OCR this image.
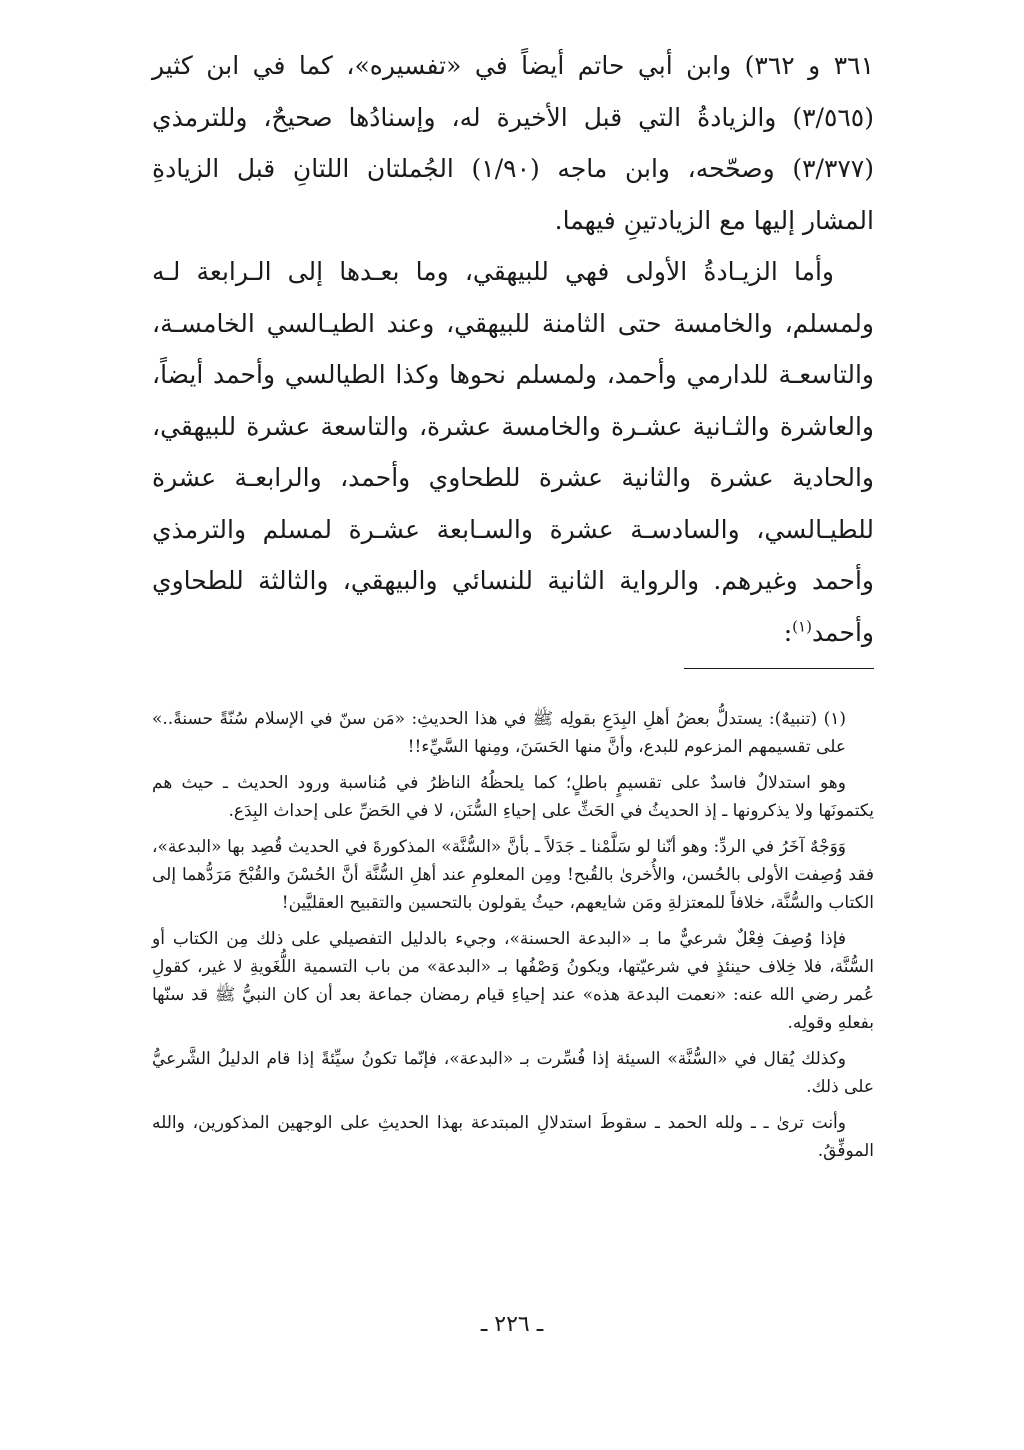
٣٦١ و ٣٦٢) وابن أبي حاتم أيضاً في «تفسيره»، كما في ابن كثير (٣/٥٦٥) والزيادةُ التي قبل الأخيرة له، وإسنادُها صحيحٌ، وللترمذي (٣/٣٧٧) وصحّحه، وابن ماجه (١/٩٠) الجُملتان اللتانِ قبل الزيادةِ المشار إليها مع الزيادتينِ فيهما.

وأما الزيـادةُ الأولى فهي للبيهقي، وما بعـدها إلى الـرابعة لـه ولمسلم، والخامسة حتى الثامنة للبيهقي، وعند الطيـالسي الخامسـة، والتاسعـة للدارمي وأحمد، ولمسلم نحوها وكذا الطيالسي وأحمد أيضاً، والعاشرة والثـانية عشـرة والخامسة عشرة، والتاسعة عشرة للبيهقي، والحادية عشرة والثانية عشرة للطحاوي وأحمد، والرابعـة عشرة للطيـالسي، والسادسـة عشرة والسـابعة عشـرة لمسلم والترمذي وأحمد وغيرهم. والرواية الثانية للنسائي والبيهقي، والثالثة للطحاوي وأحمد$^{(١)}$:

(١) (تنبيهٌ): يستدلُّ بعضُ أهلِ البِدَعِ بقولِه ﷺ في هذا الحديثِ: «مَن سنّ في الإسلام سُنّةً حسنةً..» على تقسيمهم المزعوم للبدع، وأنَّ منها الحَسَنَ، ومِنها السَّيِّء!!

وهو استدلالٌ فاسدٌ على تقسيمٍ باطلٍ؛ كما يلحظُهُ الناظرُ في مُناسبة ورود الحديث ـ حيث هم يكتمونَها ولا يذكرونها ـ إذ الحديثُ في الحَثِّ على إحياءِ السُّنَن، لا في الحَضِّ على إحداث البِدَع.

وَوَجْهٌ آخَرُ في الردِّ: وهو أنّنا لو سَلَّمْنا ـ جَدَلاً ـ بأنَّ «السُّنَّة» المذكورةَ في الحديث قُصِد بها «البدعة»، فقد وُصِفت الأولى بالحُسن، والأُخرىٰ بالقُبح! ومِن المعلومِ عند أهلِ السُّنَّة أنَّ الحُسْنَ والقُبْحَ مَرَدُّهما إلى الكتاب والسُّنَّة، خلافاً للمعتزلةِ ومَن شايعهم، حيثُ يقولون بالتحسين والتقبيح العقليَّين!

فإذا وُصِفَ فِعْلٌ شرعيٌّ ما بـ «البدعة الحسنة»، وجيء بالدليل التفصيلي على ذلك مِن الكتاب أو السُّنَّة، فلا خِلاف حينئذٍ في شرعيّتها، ويكونُ وَصْفُها بـ «البدعة» من باب التسمية اللُّغَويةِ لا غير، كقولِ عُمر رضي الله عنه: «نعمت البدعة هذه» عند إحياءِ قيام رمضان جماعة بعد أن كان النبيُّ ﷺ قد سنّها بفعلهِ وقولِه.

وكذلك يُقال في «السُّنَّة» السيئة إذا فُسِّرت بـ «البدعة»، فإنّما تكونُ سيِّئةً إذا قام الدليلُ الشَّرعيُّ على ذلك.

وأنت ترىٰ ـ ـ ولله الحمد ـ سقوطَ استدلالِ المبتدعة بهذا الحديثِ على الوجهين المذكورين، والله الموفِّقُ.

ـ ٢٢٦ ـ
